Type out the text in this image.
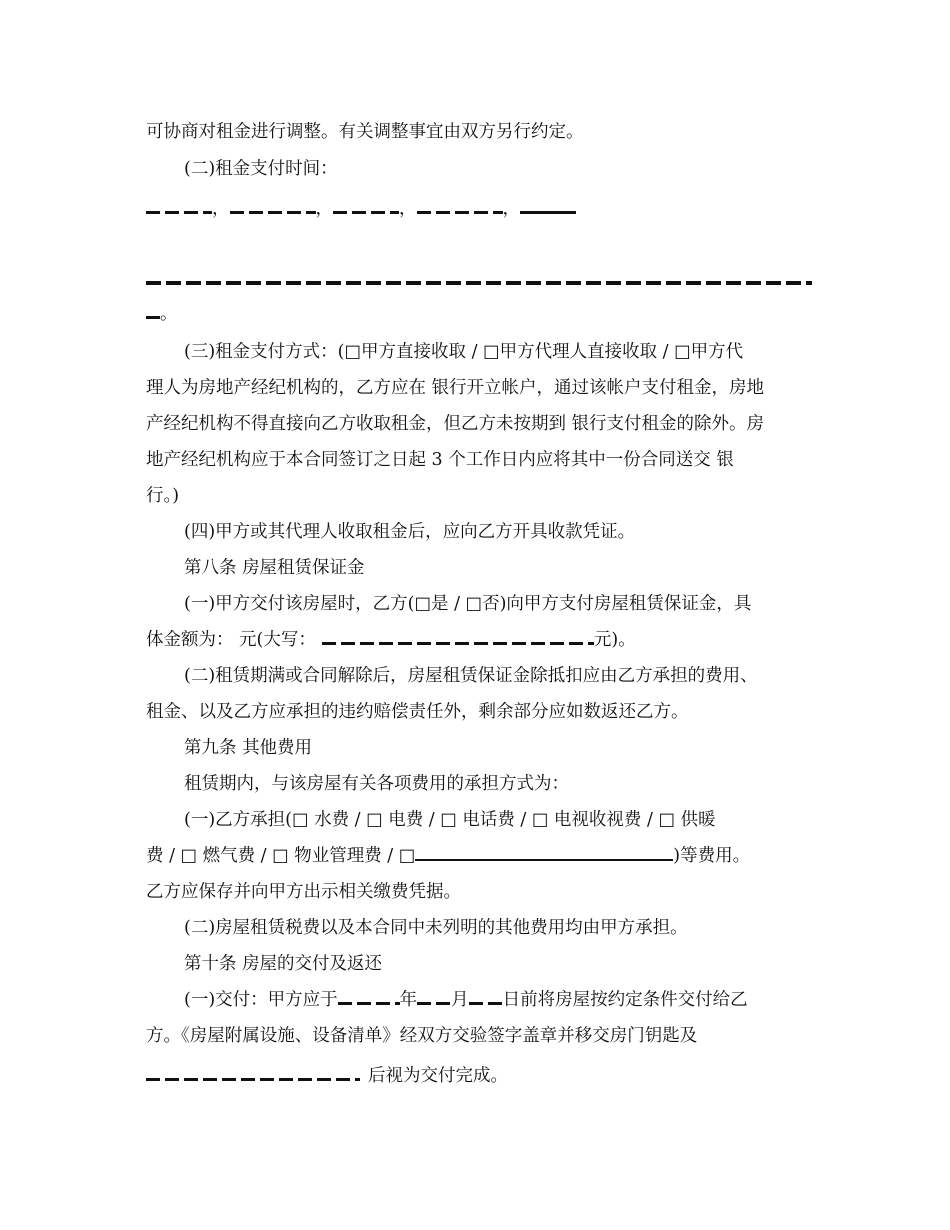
可协商对租金进行调整。有关调整事宜由双方另行约定。
(二)租金支付时间：
，	，	，	，
。
(三)租金支付方式：(□甲方直接收取 / □甲方代理人直接收取 / □甲方代
理人为房地产经纪机构的，乙方应在 银行开立帐户，通过该帐户支付租金，房地
产经纪机构不得直接向乙方收取租金，但乙方未按期到 银行支付租金的除外。房
地产经纪机构应于本合同签订之日起 3 个工作日内应将其中一份合同送交 银
行。)
(四)甲方或其代理人收取租金后，应向乙方开具收款凭证。
第八条 房屋租赁保证金
(一)甲方交付该房屋时，乙方(□是 / □否)向甲方支付房屋租赁保证金，具
体金额为： 元(大写：	元)。
(二)租赁期满或合同解除后，房屋租赁保证金除抵扣应由乙方承担的费用、
租金、以及乙方应承担的违约赔偿责任外，剩余部分应如数返还乙方。
第九条 其他费用
租赁期内，与该房屋有关各项费用的承担方式为：
(一)乙方承担(□ 水费 / □ 电费 / □ 电话费 / □ 电视收视费 / □ 供暖
费 / □ 燃气费 / □ 物业管理费 / □	)等费用。
乙方应保存并向甲方出示相关缴费凭据。
(二)房屋租赁税费以及本合同中未列明的其他费用均由甲方承担。
第十条 房屋的交付及返还
(一)交付：甲方应于	年 月 日前将房屋按约定条件交付给乙
方。《房屋附属设施、设备清单》经双方交验签字盖章并移交房门钥匙及
后视为交付完成。
